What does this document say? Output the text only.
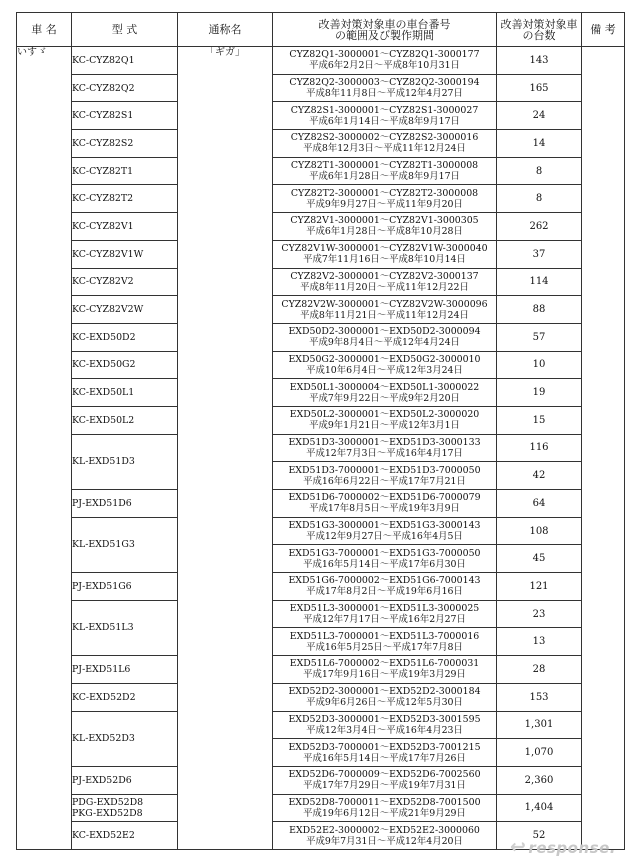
車 名	型 式	通称名	改善対策対象車の車台番号
の範囲及び製作期間	改善対策対象車
の台数	備 考
いすゞ	KC-CYZ82Q1	「ギガ」	CYZ82Q1-3000001～CYZ82Q1-3000177
平成6年2月2日～平成8年10月31日	143	

	KC-CYZ82Q2		CYZ82Q2-3000003～CYZ82Q2-3000194
平成8年11月8日～平成12年4月27日	165	

	KC-CYZ82S1		CYZ82S1-3000001～CYZ82S1-3000027
平成6年1月14日～平成8年9月17日	24	

	KC-CYZ82S2		CYZ82S2-3000002～CYZ82S2-3000016
平成8年12月3日～平成11年12月24日	14	

	KC-CYZ82T1		CYZ82T1-3000001～CYZ82T1-3000008
平成6年1月28日～平成8年9月17日	8	

	KC-CYZ82T2		CYZ82T2-3000001～CYZ82T2-3000008
平成9年9月27日～平成11年9月20日	8	

	KC-CYZ82V1		CYZ82V1-3000001～CYZ82V1-3000305
平成6年1月28日～平成8年10月28日	262	

	KC-CYZ82V1W		CYZ82V1W-3000001～CYZ82V1W-3000040
平成7年11月16日～平成8年10月14日	37	

	KC-CYZ82V2		CYZ82V2-3000001～CYZ82V2-3000137
平成8年11月20日～平成11年12月22日	114	

	KC-CYZ82V2W		CYZ82V2W-3000001～CYZ82V2W-3000096
平成8年11月21日～平成11年12月24日	88	

	KC-EXD50D2		EXD50D2-3000001～EXD50D2-3000094
平成9年8月4日～平成12年4月24日	57	

	KC-EXD50G2		EXD50G2-3000001～EXD50G2-3000010
平成10年6月4日～平成12年3月24日	10	

	KC-EXD50L1		EXD50L1-3000004～EXD50L1-3000022
平成7年9月22日～平成9年2月20日	19	

	KC-EXD50L2		EXD50L2-3000001～EXD50L2-3000020
平成9年1月21日～平成12年3月1日	15	

	KL-EXD51D3		EXD51D3-3000001～EXD51D3-3000133
平成12年7月3日～平成16年4月17日	116	

			EXD51D3-7000001～EXD51D3-7000050
平成16年6月22日～平成17年7月21日	42	

	PJ-EXD51D6		EXD51D6-7000002～EXD51D6-7000079
平成17年8月5日～平成19年3月9日	64	

	KL-EXD51G3		EXD51G3-3000001～EXD51G3-3000143
平成12年9月27日～平成16年4月5日	108	

			EXD51G3-7000001～EXD51G3-7000050
平成16年5月14日～平成17年6月30日	45	

	PJ-EXD51G6		EXD51G6-7000002～EXD51G6-7000143
平成17年8月2日～平成19年6月16日	121	

	KL-EXD51L3		EXD51L3-3000001～EXD51L3-3000025
平成12年7月17日～平成16年2月27日	23	

			EXD51L3-7000001～EXD51L3-7000016
平成16年5月25日～平成17年7月8日	13	

	PJ-EXD51L6		EXD51L6-7000002～EXD51L6-7000031
平成17年9月16日～平成19年3月29日	28	

	KC-EXD52D2		EXD52D2-3000001～EXD52D2-3000184
平成9年6月26日～平成12年5月30日	153	

	KL-EXD52D3		EXD52D3-3000001～EXD52D3-3001595
平成12年3月4日～平成16年4月23日	1,301	

			EXD52D3-7000001～EXD52D3-7001215
平成16年5月14日～平成17年7月26日	1,070	

	PJ-EXD52D6		EXD52D6-7000009～EXD52D6-7002560
平成17年7月29日～平成19年7月31日	2,360	

	PDG-EXD52D8
PKG-EXD52D8		EXD52D8-7000011～EXD52D8-7001500
平成19年6月12日～平成21年9月29日	1,404	

	KC-EXD52E2		EXD52E2-3000002～EXD52E2-3000060
平成9年7月31日～平成12年4月20日	52	
↩ response.
